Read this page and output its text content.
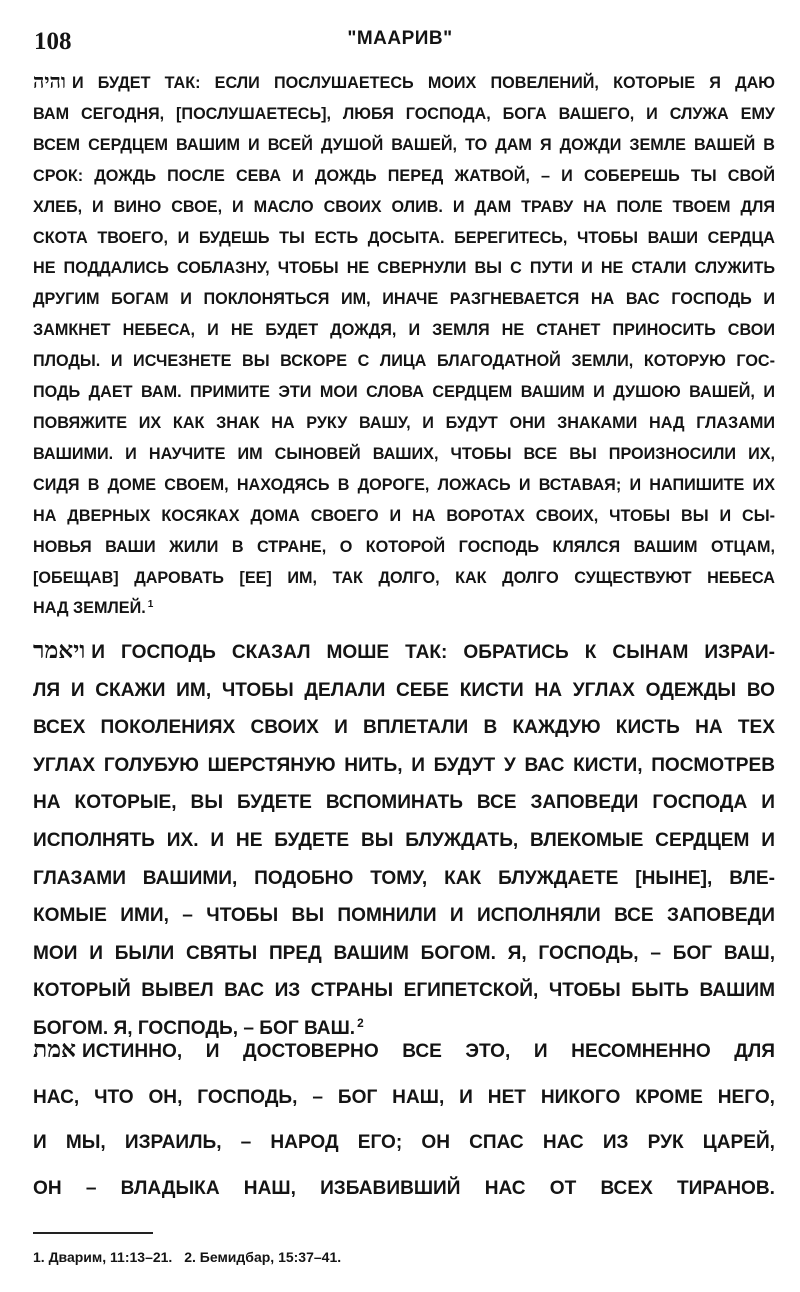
108	"МААРИВ"
והיה И БУДЕТ ТАК: ЕСЛИ ПОСЛУШАЕТЕСЬ МОИХ ПОВЕЛЕНИЙ, КОТОРЫЕ Я ДАЮ
ВАМ СЕГОДНЯ, [ПОСЛУШАЕТЕСЬ], ЛЮБЯ ГОСПОДА, БОГА ВАШЕГО, И СЛУЖА ЕМУ
ВСЕМ СЕРДЦЕМ ВАШИМ И ВСЕЙ ДУШОЙ ВАШЕЙ, ТО ДАМ Я ДОЖДИ ЗЕМЛЕ ВАШЕЙ В
СРОК: ДОЖДЬ ПОСЛЕ СЕВА И ДОЖДЬ ПЕРЕД ЖАТВОЙ, – И СОБЕРЕШЬ ТЫ СВОЙ
ХЛЕБ, И ВИНО СВОЕ, И МАСЛО СВОИХ ОЛИВ. И ДАМ ТРАВУ НА ПОЛЕ ТВОЕМ ДЛЯ
СКОТА ТВОЕГО, И БУДЕШЬ ТЫ ЕСТЬ ДОСЫТА. БЕРЕГИТЕСЬ, ЧТОБЫ ВАШИ СЕРДЦА
НЕ ПОДДАЛИСЬ СОБЛАЗНУ, ЧТОБЫ НЕ СВЕРНУЛИ ВЫ С ПУТИ И НЕ СТАЛИ СЛУЖИТЬ
ДРУГИМ БОГАМ И ПОКЛОНЯТЬСЯ ИМ, ИНАЧЕ РАЗГНЕВАЕТСЯ НА ВАС ГОСПОДЬ И
ЗАМКНЕТ НЕБЕСА, И НЕ БУДЕТ ДОЖДЯ, И ЗЕМЛЯ НЕ СТАНЕТ ПРИНОСИТЬ СВОИ
ПЛОДЫ. И ИСЧЕЗНЕТЕ ВЫ ВСКОРЕ С ЛИЦА БЛАГОДАТНОЙ ЗЕМЛИ, КОТОРУЮ ГОС-
ПОДЬ ДАЕТ ВАМ. ПРИМИТЕ ЭТИ МОИ СЛОВА СЕРДЦЕМ ВАШИМ И ДУШОЮ ВАШЕЙ, И
ПОВЯЖИТЕ ИХ КАК ЗНАК НА РУКУ ВАШУ, И БУДУТ ОНИ ЗНАКАМИ НАД ГЛАЗАМИ
ВАШИМИ. И НАУЧИТЕ ИМ СЫНОВЕЙ ВАШИХ, ЧТОБЫ ВСЕ ВЫ ПРОИЗНОСИЛИ ИХ,
СИДЯ В ДОМЕ СВОЕМ, НАХОДЯСЬ В ДОРОГЕ, ЛОЖАСЬ И ВСТАВАЯ; И НАПИШИТЕ ИХ
НА ДВЕРНЫХ КОСЯКАХ ДОМА СВОЕГО И НА ВОРОТАХ СВОИХ, ЧТОБЫ ВЫ И СЫ-
НОВЬЯ ВАШИ ЖИЛИ В СТРАНЕ, О КОТОРОЙ ГОСПОДЬ КЛЯЛСЯ ВАШИМ ОТЦАМ,
[ОБЕЩАВ] ДАРОВАТЬ [ЕЕ] ИМ, ТАК ДОЛГО, КАК ДОЛГО СУЩЕСТВУЮТ НЕБЕСА
НАД ЗЕМЛЕЙ. $^1$
ויאמר И ГОСПОДЬ СКАЗАЛ МОШЕ ТАК: ОБРАТИСЬ К СЫНАМ ИЗРАИ-
ЛЯ И СКАЖИ ИМ, ЧТОБЫ ДЕЛАЛИ СЕБЕ КИСТИ НА УГЛАХ ОДЕЖДЫ ВО
ВСЕХ ПОКОЛЕНИЯХ СВОИХ И ВПЛЕТАЛИ В КАЖДУЮ КИСТЬ НА ТЕХ
УГЛАХ ГОЛУБУЮ ШЕРСТЯНУЮ НИТЬ, И БУДУТ У ВАС КИСТИ, ПОСМОТРЕВ
НА КОТОРЫЕ, ВЫ БУДЕТЕ ВСПОМИНАТЬ ВСЕ ЗАПОВЕДИ ГОСПОДА И
ИСПОЛНЯТЬ ИХ. И НЕ БУДЕТЕ ВЫ БЛУЖДАТЬ, ВЛЕКОМЫЕ СЕРДЦЕМ И
ГЛАЗАМИ ВАШИМИ, ПОДОБНО ТОМУ, КАК БЛУЖДАЕТЕ [НЫНЕ], ВЛЕ-
КОМЫЕ ИМИ, – ЧТОБЫ ВЫ ПОМНИЛИ И ИСПОЛНЯЛИ ВСЕ ЗАПОВЕДИ
МОИ И БЫЛИ СВЯТЫ ПРЕД ВАШИМ БОГОМ. Я, ГОСПОДЬ, – БОГ ВАШ,
КОТОРЫЙ ВЫВЕЛ ВАС ИЗ СТРАНЫ ЕГИПЕТСКОЙ, ЧТОБЫ БЫТЬ ВАШИМ
БОГОМ. Я, ГОСПОДЬ, – БОГ ВАШ. $^2$
אמת ИСТИННО, И ДОСТОВЕРНО ВСЕ ЭТО, И НЕСОМНЕННО ДЛЯ
НАС, ЧТО ОН, ГОСПОДЬ, – БОГ НАШ, И НЕТ НИКОГО КРОМЕ НЕГО,
И МЫ, ИЗРАИЛЬ, – НАРОД ЕГО; ОН СПАС НАС ИЗ РУК ЦАРЕЙ,
ОН – ВЛАДЫКА НАШ, ИЗБАВИВШИЙ НАС ОТ ВСЕХ ТИРАНОВ.
1. Дварим, 11:13–21. 2. Бемидбар, 15:37–41.
